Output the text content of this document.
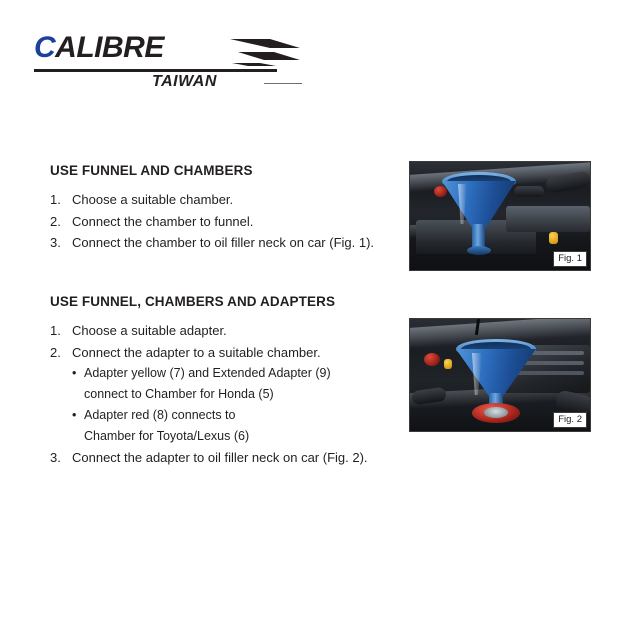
CALIBRE
TAIWAN
USE FUNNEL AND CHAMBERS
1. Choose a suitable chamber.
2. Connect the chamber to funnel.
3. Connect the chamber to oil filler neck on car (Fig. 1).
USE FUNNEL, CHAMBERS AND ADAPTERS
1. Choose a suitable adapter.
2. Connect the adapter to a suitable chamber.
• Adapter yellow (7) and Extended Adapter (9)
connect to Chamber for Honda (5)
• Adapter red (8) connects to
Chamber for Toyota/Lexus (6)
3. Connect the adapter to oil filler neck on car (Fig. 2).
Fig. 1
Fig. 2
